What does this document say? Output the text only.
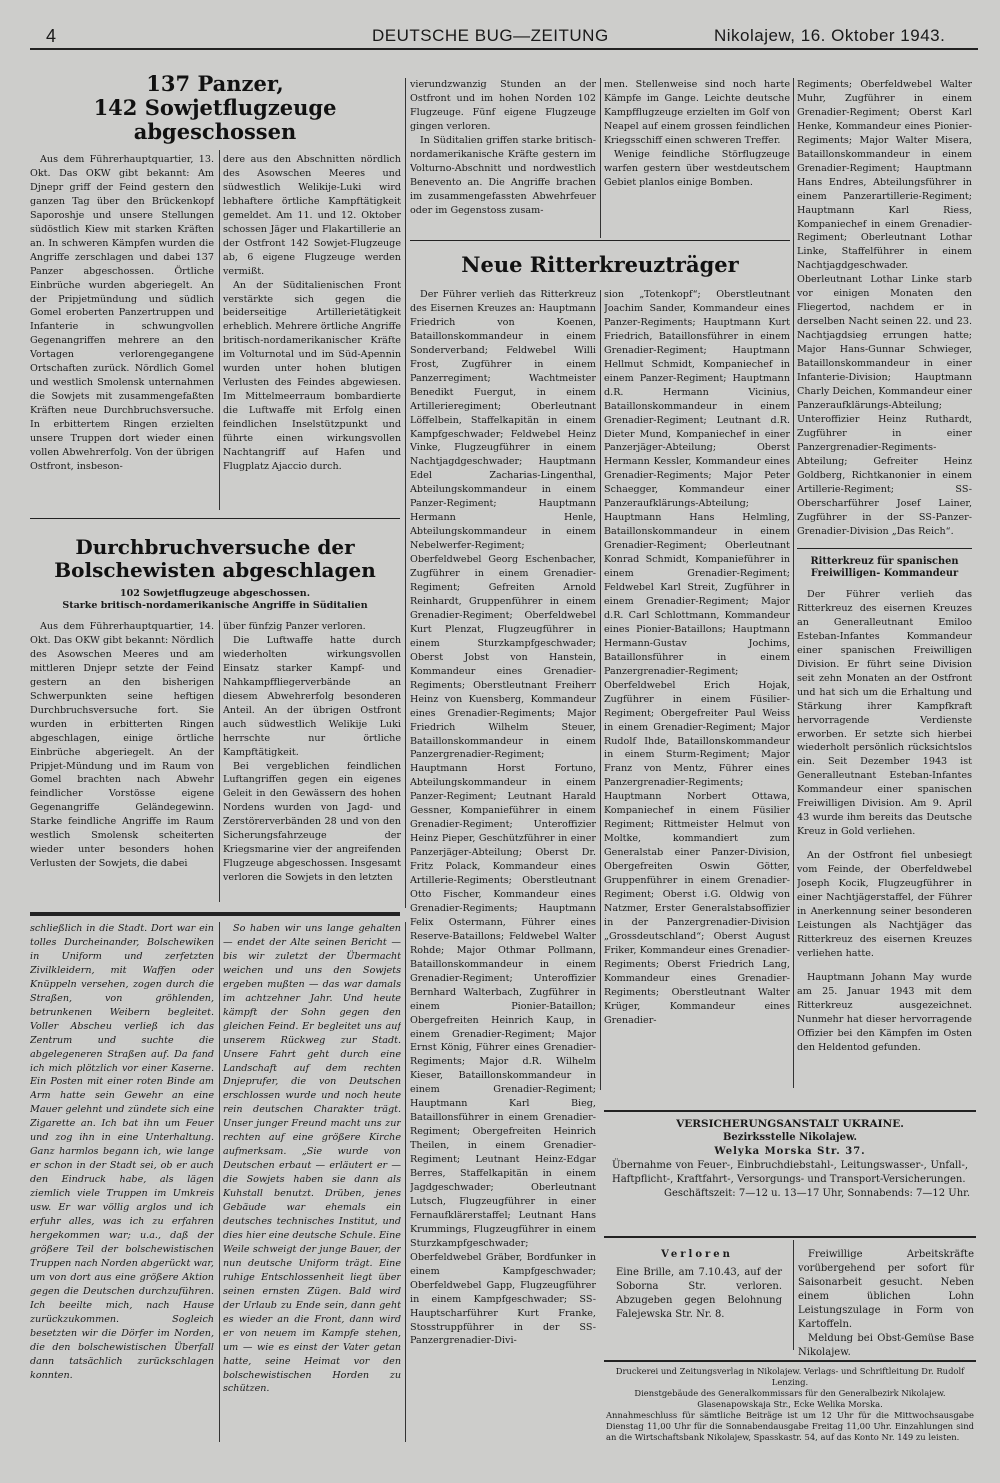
4	DEUTSCHE BUG—ZEITUNG	Nikolajew, 16. Oktober 1943.
137 Panzer,
142 Sowjetflugzeuge
abgeschossen

Aus dem Führerhauptquartier, 13. Okt. Das OKW gibt bekannt: Am Djnepr griff der Feind gestern den ganzen Tag über den Brückenkopf Saporoshje und unsere Stellungen südöstlich Kiew mit starken Kräften an. In schweren Kämpfen wurden die Angriffe zerschlagen und dabei 137 Panzer abgeschossen. Örtliche Einbrüche wurden abgeriegelt. An der Pripjetmündung und südlich Gomel eroberten Panzertruppen und Infanterie in schwungvollen Gegenangriffen mehrere an den Vortagen verlorengegangene Ortschaften zurück. Nördlich Gomel und westlich Smolensk unternahmen die Sowjets mit zusammengefaßten Kräften neue Durchbruchsversuche. In erbittertem Ringen erzielten unsere Truppen dort wieder einen vollen Abwehrerfolg. Von der übrigen Ostfront, insbeson-

dere aus den Abschnitten nördlich des Asowschen Meeres und südwestlich Welikije-Luki wird lebhaftere örtliche Kampftätigkeit gemeldet. Am 11. und 12. Oktober schossen Jäger und Flakartillerie an der Ostfront 142 Sowjet-Flugzeuge ab, 6 eigene Flugzeuge werden vermißt.

An der Süditalienischen Front verstärkte sich gegen die beiderseitige Artillerietätigkeit erheblich. Mehrere örtliche Angriffe britisch-nordamerikanischer Kräfte im Volturnotal und im Süd-Apennin wurden unter hohen blutigen Verlusten des Feindes abgewiesen. Im Mittelmeerraum bombardierte die Luftwaffe mit Erfolg einen feindlichen Inselstützpunkt und führte einen wirkungsvollen Nachtangriff auf Hafen und Flugplatz Ajaccio durch.

vierundzwanzig Stunden an der Ostfront und im hohen Norden 102 Flugzeuge. Fünf eigene Flugzeuge gingen verloren.

In Süditalien griffen starke britisch-nordamerikanische Kräfte gestern im Volturno-Abschnitt und nordwestlich Benevento an. Die Angriffe brachen im zusammengefassten Abwehrfeuer oder im Gegenstoss zusam-

men. Stellenweise sind noch harte Kämpfe im Gange. Leichte deutsche Kampfflugzeuge erzielten im Golf von Neapel auf einem grossen feindlichen Kriegsschiff einen schweren Treffer.

Wenige feindliche Störflugzeuge warfen gestern über westdeutschem Gebiet planlos einige Bomben.

Durchbruchversuche der
Bolschewisten abgeschlagen
102 Sowjetflugzeuge abgeschossen.
Starke britisch-nordamerikanische Angriffe in Süditalien

Aus dem Führerhauptquartier, 14. Okt. Das OKW gibt bekannt: Nördlich des Asowschen Meeres und am mittleren Dnjepr setzte der Feind gestern an den bisherigen Schwerpunkten seine heftigen Durchbruchsversuche fort. Sie wurden in erbitterten Ringen abgeschlagen, einige örtliche Einbrüche abgeriegelt. An der Pripjet-Mündung und im Raum von Gomel brachten nach Abwehr feindlicher Vorstösse eigene Gegenangriffe Geländegewinn. Starke feindliche Angriffe im Raum westlich Smolensk scheiterten wieder unter besonders hohen Verlusten der Sowjets, die dabei

über fünfzig Panzer verloren.

Die Luftwaffe hatte durch wiederholten wirkungsvollen Einsatz starker Kampf- und Nahkampffliegerverbände an diesem Abwehrerfolg besonderen Anteil. An der übrigen Ostfront auch südwestlich Welikije Luki herrschte nur örtliche Kampftätigkeit.

Bei vergeblichen feindlichen Luftangriffen gegen ein eigenes Geleit in den Gewässern des hohen Nordens wurden von Jagd- und Zerstörerverbänden 28 und von den Sicherungsfahrzeuge der Kriegsmarine vier der angreifenden Flugzeuge abgeschossen. Insgesamt verloren die Sowjets in den letzten

schließlich in die Stadt. Dort war ein tolles Durcheinander, Bolschewiken in Uniform und zerfetzten Zivilkleidern, mit Waffen oder Knüppeln versehen, zogen durch die Straßen, von gröhlenden, betrunkenen Weibern begleitet. Voller Abscheu verließ ich das Zentrum und suchte die abgelegeneren Straßen auf. Da fand ich mich plötzlich vor einer Kaserne. Ein Posten mit einer roten Binde am Arm hatte sein Gewehr an eine Mauer gelehnt und zündete sich eine Zigarette an. Ich bat ihn um Feuer und zog ihn in eine Unterhaltung. Ganz harmlos begann ich, wie lange er schon in der Stadt sei, ob er auch den Eindruck habe, als lägen ziemlich viele Truppen im Umkreis usw. Er war völlig arglos und ich erfuhr alles, was ich zu erfahren hergekommen war; u.a., daß der größere Teil der bolschewistischen Truppen nach Norden abgerückt war, um von dort aus eine größere Aktion gegen die Deutschen durchzuführen. Ich beeilte mich, nach Hause zurückzukommen. Sogleich besetzten wir die Dörfer im Norden, die den bolschewistischen Überfall dann tatsächlich zurückschlagen konnten.

So haben wir uns lange gehalten — endet der Alte seinen Bericht — bis wir zuletzt der Übermacht weichen und uns den Sowjets ergeben mußten — das war damals im achtzehner Jahr. Und heute kämpft der Sohn gegen den gleichen Feind. Er begleitet uns auf unserem Rückweg zur Stadt. Unsere Fahrt geht durch eine Landschaft auf dem rechten Dnjeprufer, die von Deutschen erschlossen wurde und noch heute rein deutschen Charakter trägt. Unser junger Freund macht uns zur rechten auf eine größere Kirche aufmerksam. „Sie wurde von Deutschen erbaut — erläutert er — die Sowjets haben sie dann als Kuhstall benutzt. Drüben, jenes Gebäude war ehemals ein deutsches technisches Institut, und dies hier eine deutsche Schule. Eine Weile schweigt der junge Bauer, der nun deutsche Uniform trägt. Eine ruhige Entschlossenheit liegt über seinen ernsten Zügen. Bald wird der Urlaub zu Ende sein, dann geht es wieder an die Front, dann wird er von neuem im Kampfe stehen, um — wie es einst der Vater getan hatte, seine Heimat vor den bolschewistischen Horden zu schützen.

Neue Ritterkreuzträger

Der Führer verlieh das Ritterkreuz des Eisernen Kreuzes an: Hauptmann Friedrich von Koenen, Bataillonskommandeur in einem Sonderverband; Feldwebel Willi Frost, Zugführer in einem Panzerregiment; Wachtmeister Benedikt Fuergut, in einem Artillerieregiment; Oberleutnant Löffelbein, Staffelkapitän in einem Kampfgeschwader; Feldwebel Heinz Vinke, Flugzeugführer in einem Nachtjagdgeschwader; Hauptmann Edel Zacharias-Lingenthal, Abteilungskommandeur in einem Panzer-Regiment; Hauptmann Hermann Henle, Abteilungskommandeur in einem Nebelwerfer-Regiment; Oberfeldwebel Georg Eschenbacher, Zugführer in einem Grenadier-Regiment; Gefreiten Arnold Reinhardt, Gruppenführer in einem Grenadier-Regiment; Oberfeldwebel Kurt Plenzat, Flugzeugführer in einem Sturzkampfgeschwader; Oberst Jobst von Hanstein, Kommandeur eines Grenadier-Regiments; Oberstleutnant Freiherr Heinz von Kuensberg, Kommandeur eines Grenadier-Regiments; Major Friedrich Wilhelm Steuer, Bataillonskommandeur in einem Panzergrenadier-Regiment; Hauptmann Horst Fortuno, Abteilungskommandeur in einem Panzer-Regiment; Leutnant Harald Gessner, Kompanieführer in einem Grenadier-Regiment; Unteroffizier Heinz Pieper, Geschützführer in einer Panzerjäger-Abteilung; Oberst Dr. Fritz Polack, Kommandeur eines Artillerie-Regiments; Oberstleutnant Otto Fischer, Kommandeur eines Grenadier-Regiments; Hauptmann Felix Ostermann, Führer eines Reserve-Bataillons; Feldwebel Walter Rohde; Major Othmar Pollmann, Bataillonskommandeur in einem Grenadier-Regiment; Unteroffizier Bernhard Walterbach, Zugführer in einem Pionier-Bataillon; Obergefreiten Heinrich Kaup, in einem Grenadier-Regiment; Major Ernst König, Führer eines Grenadier-Regiments; Major d.R. Wilhelm Kieser, Bataillonskommandeur in einem Grenadier-Regiment; Hauptmann Karl Bieg, Bataillonsführer in einem Grenadier-Regiment; Obergefreiten Heinrich Theilen, in einem Grenadier-Regiment; Leutnant Heinz-Edgar Berres, Staffelkapitän in einem Jagdgeschwader; Oberleutnant Lutsch, Flugzeugführer in einer Fernaufklärerstaffel; Leutnant Hans Krummings, Flugzeugführer in einem Sturzkampfgeschwader; Oberfeldwebel Gräber, Bordfunker in einem Kampfgeschwader; Oberfeldwebel Gapp, Flugzeugführer in einem Kampfgeschwader; SS-Hauptscharführer Kurt Franke, Stosstruppführer in der SS-Panzergrenadier-Divi-

sion „Totenkopf“; Oberstleutnant Joachim Sander, Kommandeur eines Panzer-Regiments; Hauptmann Kurt Friedrich, Bataillonsführer in einem Grenadier-Regiment; Hauptmann Hellmut Schmidt, Kompaniechef in einem Panzer-Regiment; Hauptmann d.R. Hermann Vicinius, Bataillonskommandeur in einem Grenadier-Regiment; Leutnant d.R. Dieter Mund, Kompaniechef in einer Panzerjäger-Abteilung; Oberst Hermann Kessler, Kommandeur eines Grenadier-Regiments; Major Peter Schaegger, Kommandeur einer Panzeraufklärungs-Abteilung; Hauptmann Hans Helmling, Bataillonskommandeur in einem Grenadier-Regiment; Oberleutnant Konrad Schmidt, Kompanieführer in einem Grenadier-Regiment; Feldwebel Karl Streit, Zugführer in einem Grenadier-Regiment; Major d.R. Carl Schlottmann, Kommandeur eines Pionier-Bataillons; Hauptmann Hermann-Gustav Jochims, Bataillonsführer in einem Panzergrenadier-Regiment; Oberfeldwebel Erich Hojak, Zugführer in einem Füsilier-Regiment; Obergefreiter Paul Weiss in einem Grenadier-Regiment; Major Rudolf Ihde, Bataillonskommandeur in einem Sturm-Regiment; Major Franz von Mentz, Führer eines Panzergrenadier-Regiments; Hauptmann Norbert Ottawa, Kompaniechef in einem Füsilier Regiment; Rittmeister Helmut von Moltke, kommandiert zum Generalstab einer Panzer-Division, Obergefreiten Oswin Götter, Gruppenführer in einem Grenadier-Regiment; Oberst i.G. Oldwig von Natzmer, Erster Generalstabsoffizier in der Panzergrenadier-Division „Grossdeutschland“; Oberst August Friker, Kommandeur eines Grenadier-Regiments; Oberst Friedrich Lang, Kommandeur eines Grenadier-Regiments; Oberstleutnant Walter Krüger, Kommandeur eines Grenadier-

Regiments; Oberfeldwebel Walter Muhr, Zugführer in einem Grenadier-Regiment; Oberst Karl Henke, Kommandeur eines Pionier-Regiments; Major Walter Misera, Bataillonskommandeur in einem Grenadier-Regiment; Hauptmann Hans Endres, Abteilungsführer in einem Panzerartillerie-Regiment; Hauptmann Karl Riess, Kompaniechef in einem Grenadier-Regiment; Oberleutnant Lothar Linke, Staffelführer in einem Nachtjagdgeschwader. Oberleutnant Lothar Linke starb vor einigen Monaten den Fliegertod, nachdem er in derselben Nacht seinen 22. und 23. Nachtjagdsieg errungen hatte; Major Hans-Gunnar Schwieger, Bataillonskommandeur in einer Infanterie-Division; Hauptmann Charly Deichen, Kommandeur einer Panzeraufklärungs-Abteilung; Unteroffizier Heinz Ruthardt, Zugführer in einer Panzergrenadier-Regiments-Abteilung; Gefreiter Heinz Goldberg, Richtkanonier in einem Artillerie-Regiment; SS-Oberscharführer Josef Lainer, Zugführer in der SS-Panzer-Grenadier-Division „Das Reich“.

Ritterkreuz für spanischen
Freiwilligen- Kommandeur

Der Führer verlieh das Ritterkreuz des eisernen Kreuzes an Generalleutnant Emiloo Esteban-Infantes Kommandeur einer spanischen Freiwilligen Division. Er führt seine Division seit zehn Monaten an der Ostfront und hat sich um die Erhaltung und Stärkung ihrer Kampfkraft hervorragende Verdienste erworben. Er setzte sich hierbei wiederholt persönlich rücksichtslos ein. Seit Dezember 1943 ist Generalleutnant Esteban-Infantes Kommandeur einer spanischen Freiwilligen Division. Am 9. April 43 wurde ihm bereits das Deutsche Kreuz in Gold verliehen.

An der Ostfront fiel unbesiegt vom Feinde, der Oberfeldwebel Joseph Kocik, Flugzeugführer in einer Nachtjägerstaffel, der Führer in Anerkennung seiner besonderen Leistungen als Nachtjäger das Ritterkreuz des eisernen Kreuzes verliehen hatte.

Hauptmann Johann May wurde am 25. Januar 1943 mit dem Ritterkreuz ausgezeichnet. Nunmehr hat dieser hervorragende Offizier bei den Kämpfen im Osten den Heldentod gefunden.

VERSICHERUNGSANSTALT UKRAINE.
Bezirksstelle Nikolajew.
Welyka Morska Str. 37.
Übernahme von Feuer-, Einbruchdiebstahl-, Leitungswasser-, Unfall-, Haftpflicht-, Kraftfahrt-, Versorgungs- und Transport-Versicherungen.
Geschäftszeit: 7—12 u. 13—17 Uhr, Sonnabends: 7—12 Uhr.
Verloren
Eine Brille, am 7.10.43, auf der Soborna Str. verloren. Abzugeben gegen Belohnung Falejewska Str. Nr. 8.
Freiwillige Arbeitskräfte vorübergehend per sofort für Saisonarbeit gesucht. Neben einem üblichen Lohn Leistungszulage in Form von Kartoffeln.
Meldung bei Obst-Gemüse Base Nikolajew.
Druckerei und Zeitungsverlag in Nikolajew. Verlags- und Schriftleitung Dr. Rudolf Lenzing.
Dienstgebäude des Generalkommissars für den Generalbezirk Nikolajew.
Glasenapowskaja Str., Ecke Welika Morska.
Annahmeschluss für sämtliche Beiträge ist um 12 Uhr für die Mittwochsausgabe Dienstag 11,00 Uhr für die Sonnabendausgabe Freitag 11,00 Uhr. Einzahlungen sind an die Wirtschaftsbank Nikolajew, Spasskastr. 54, auf das Konto Nr. 149 zu leisten.
